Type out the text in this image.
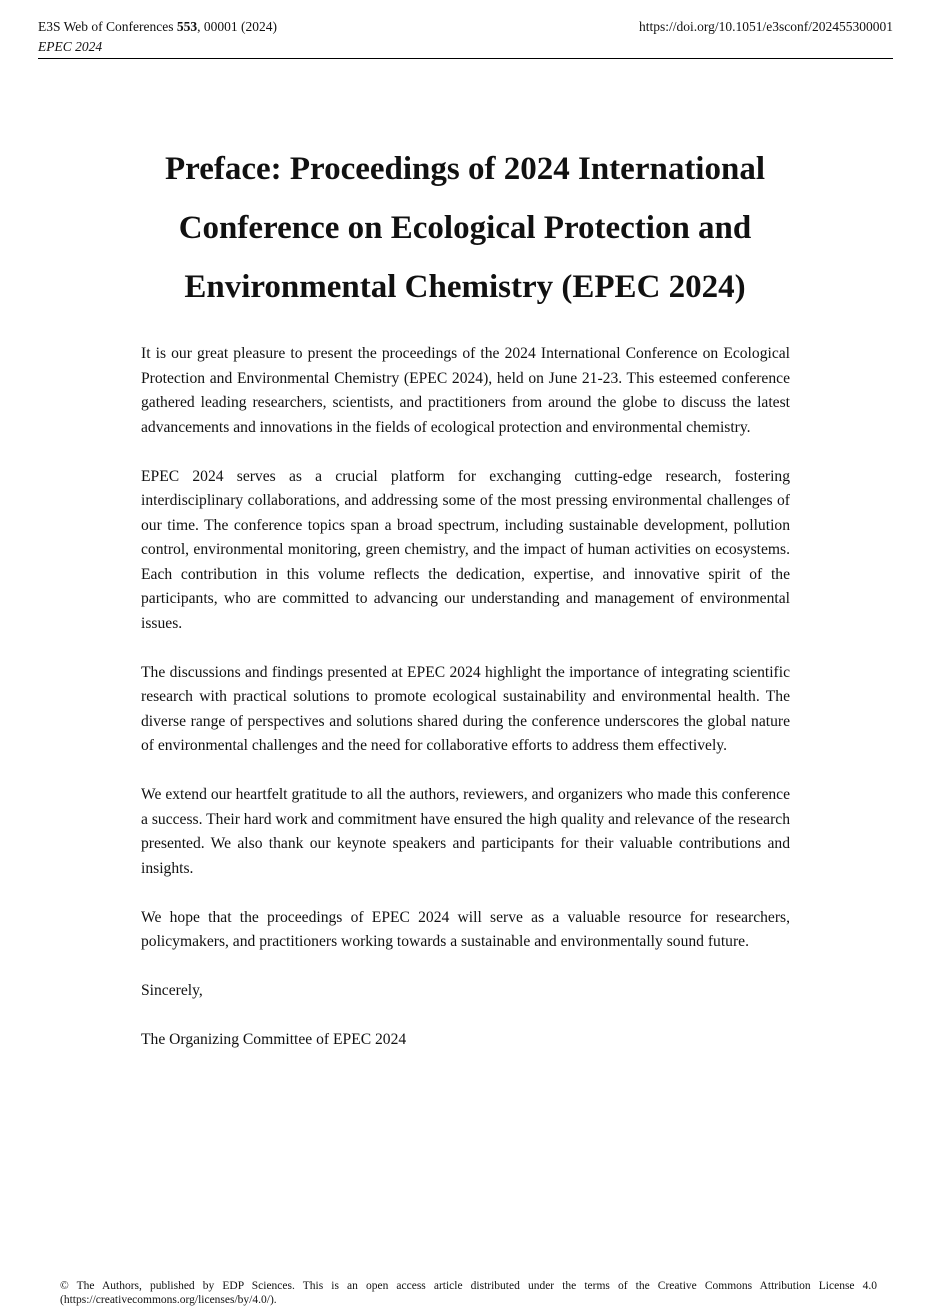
E3S Web of Conferences 553, 00001 (2024)	https://doi.org/10.1051/e3sconf/202455300001
EPEC 2024
Preface: Proceedings of 2024 International
Conference on Ecological Protection and
Environmental Chemistry (EPEC 2024)

It is our great pleasure to present the proceedings of the 2024 International Conference on Ecological Protection and Environmental Chemistry (EPEC 2024), held on June 21-23. This esteemed conference gathered leading researchers, scientists, and practitioners from around the globe to discuss the latest advancements and innovations in the fields of ecological protection and environmental chemistry.

EPEC 2024 serves as a crucial platform for exchanging cutting-edge research, fostering interdisciplinary collaborations, and addressing some of the most pressing environmental challenges of our time. The conference topics span a broad spectrum, including sustainable development, pollution control, environmental monitoring, green chemistry, and the impact of human activities on ecosystems. Each contribution in this volume reflects the dedication, expertise, and innovative spirit of the participants, who are committed to advancing our understanding and management of environmental issues.

The discussions and findings presented at EPEC 2024 highlight the importance of integrating scientific research with practical solutions to promote ecological sustainability and environmental health. The diverse range of perspectives and solutions shared during the conference underscores the global nature of environmental challenges and the need for collaborative efforts to address them effectively.

We extend our heartfelt gratitude to all the authors, reviewers, and organizers who made this conference a success. Their hard work and commitment have ensured the high quality and relevance of the research presented. We also thank our keynote speakers and participants for their valuable contributions and insights.

We hope that the proceedings of EPEC 2024 will serve as a valuable resource for researchers, policymakers, and practitioners working towards a sustainable and environmentally sound future.

Sincerely,

The Organizing Committee of EPEC 2024

© The Authors, published by EDP Sciences. This is an open access article distributed under the terms of the Creative Commons Attribution License 4.0
(https://creativecommons.org/licenses/by/4.0/).
